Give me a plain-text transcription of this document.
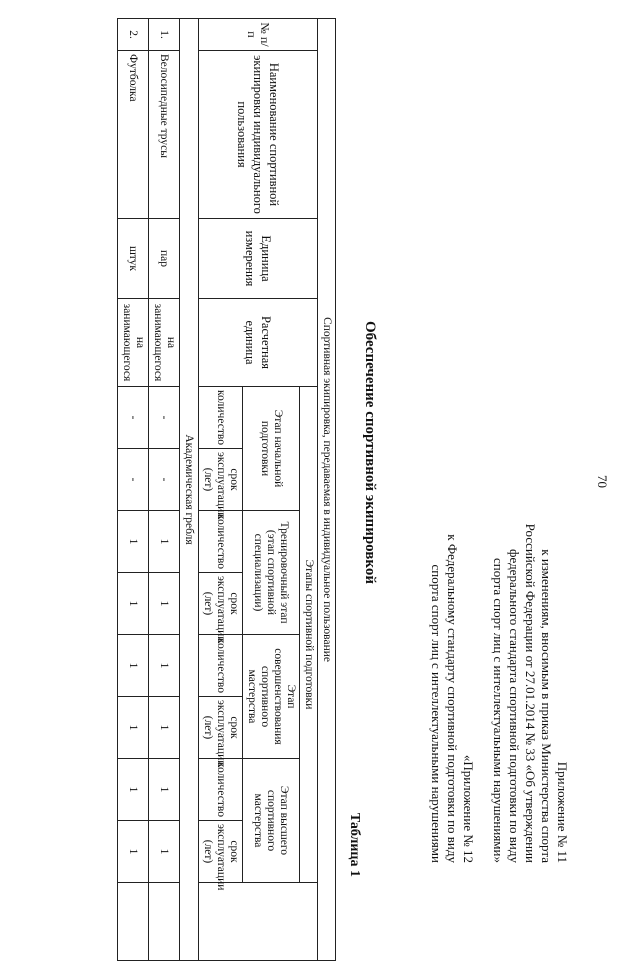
70
Приложение № 11
к изменениям, вносимым в приказ Министерства спорта
Российской Федерации от 27.01.2014 № 33 «Об утверждении
федерального стандарта спортивной подготовки по виду
спорта спорт лиц с интеллектуальными нарушениями»
«Приложение № 12
к Федеральному стандарту спортивной подготовки по виду
спорта спорт лиц с интеллектуальными нарушениями
Обеспечение спортивной экипировкой
Таблица 1
Спортивная экипировка, передаваемая в индивидуальное пользование												
№ п/п	Наименование спортивной экипировки индивидуального пользования	Единица измерения	Расчетная единица	Этапы спортивной подготовки								
				Этап начальной подготовки		Тренировочный этап (этап спортивной специализации)		Этап совершенствования спортивного мастерства		Этап высшего спортивного мастерства		
				количество	срок эксплуатации (лет)	количество	срок эксплуатации (лет)	количество	срок эксплуатации (лет)	количество	срок эксплуатации (лет)	
Академическая гребля												
1.	Велосипедные трусы	пар	на занимающегося	-	-	1	1	1	1	1	1	
2.	Футболка	штук	на занимающегося	-	-	1	1	1	1	1	1	
